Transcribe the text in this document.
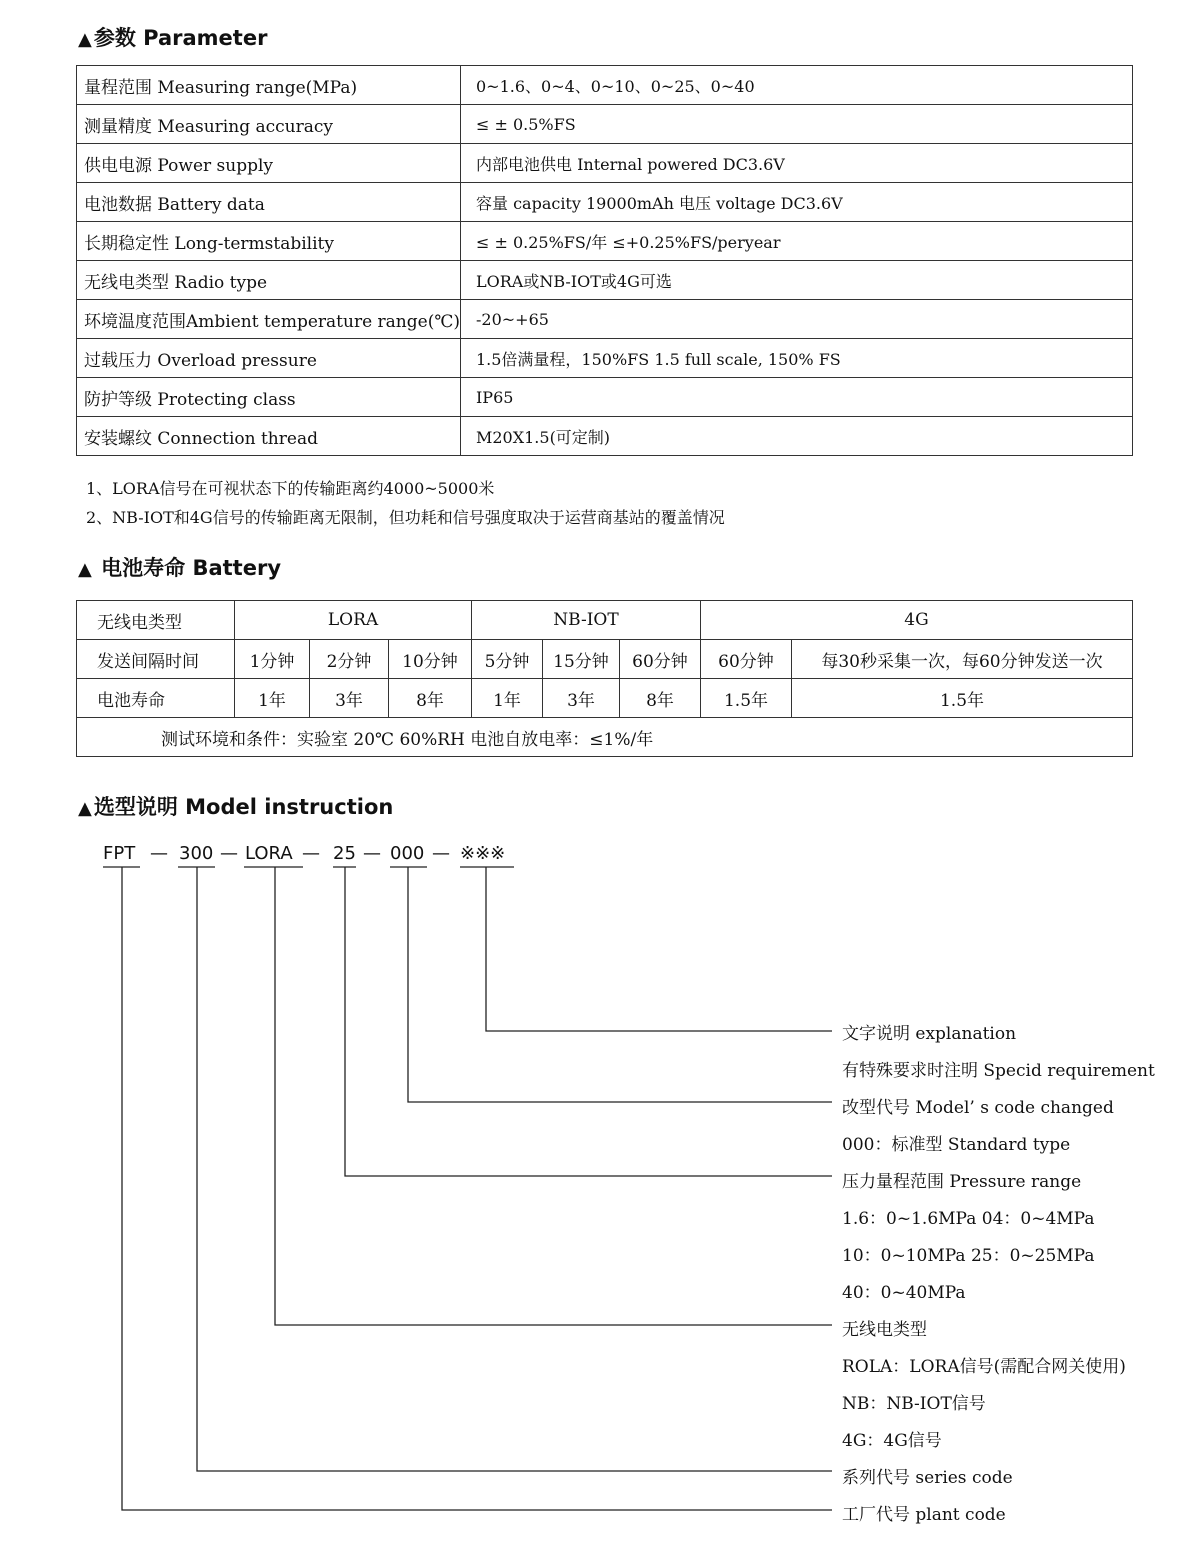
▲参数 Parameter
量程范围 Measuring range(MPa)	0~1.6、0~4、0~10、0~25、0~40
测量精度 Measuring accuracy	≤ ± 0.5%FS
供电电源 Power supply	内部电池供电 Internal powered DC3.6V
电池数据 Battery data	容量 capacity 19000mAh 电压 voltage DC3.6V
长期稳定性 Long-termstability	≤ ± 0.25%FS/年 ≤+0.25%FS/peryear
无线电类型 Radio type	LORA或NB-IOT或4G可选
环境温度范围Ambient temperature range(℃)	-20~+65
过载压力 Overload pressure	1.5倍满量程，150%FS 1.5 full scale, 150% FS
防护等级 Protecting class	IP65
安装螺纹 Connection thread	M20X1.5(可定制)
1、LORA信号在可视状态下的传输距离约4000~5000米
2、NB-IOT和4G信号的传输距离无限制，但功耗和信号强度取决于运营商基站的覆盖情况
▲ 电池寿命 Battery
无线电类型	LORA			NB-IOT			4G	
发送间隔时间	1分钟	2分钟	10分钟	5分钟	15分钟	60分钟	60分钟	每30秒采集一次，每60分钟发送一次
电池寿命	1年	3年	8年	1年	3年	8年	1.5年	1.5年
测试环境和条件：实验室 20℃ 60%RH 电池自放电率：≤1%/年								
▲选型说明 Model instruction
FPT — 300 — LORA — 25 — 000 — ※※※
文字说明 explanation
有特殊要求时注明 Specid requirement
改型代号 Model’ s code changed
000：标准型 Standard type
压力量程范围 Pressure range
1.6：0~1.6MPa 04：0~4MPa
10：0~10MPa 25：0~25MPa
40：0~40MPa
无线电类型
ROLA：LORA信号(需配合网关使用)
NB：NB-IOT信号
4G：4G信号
系列代号 series code
工厂代号 plant code
